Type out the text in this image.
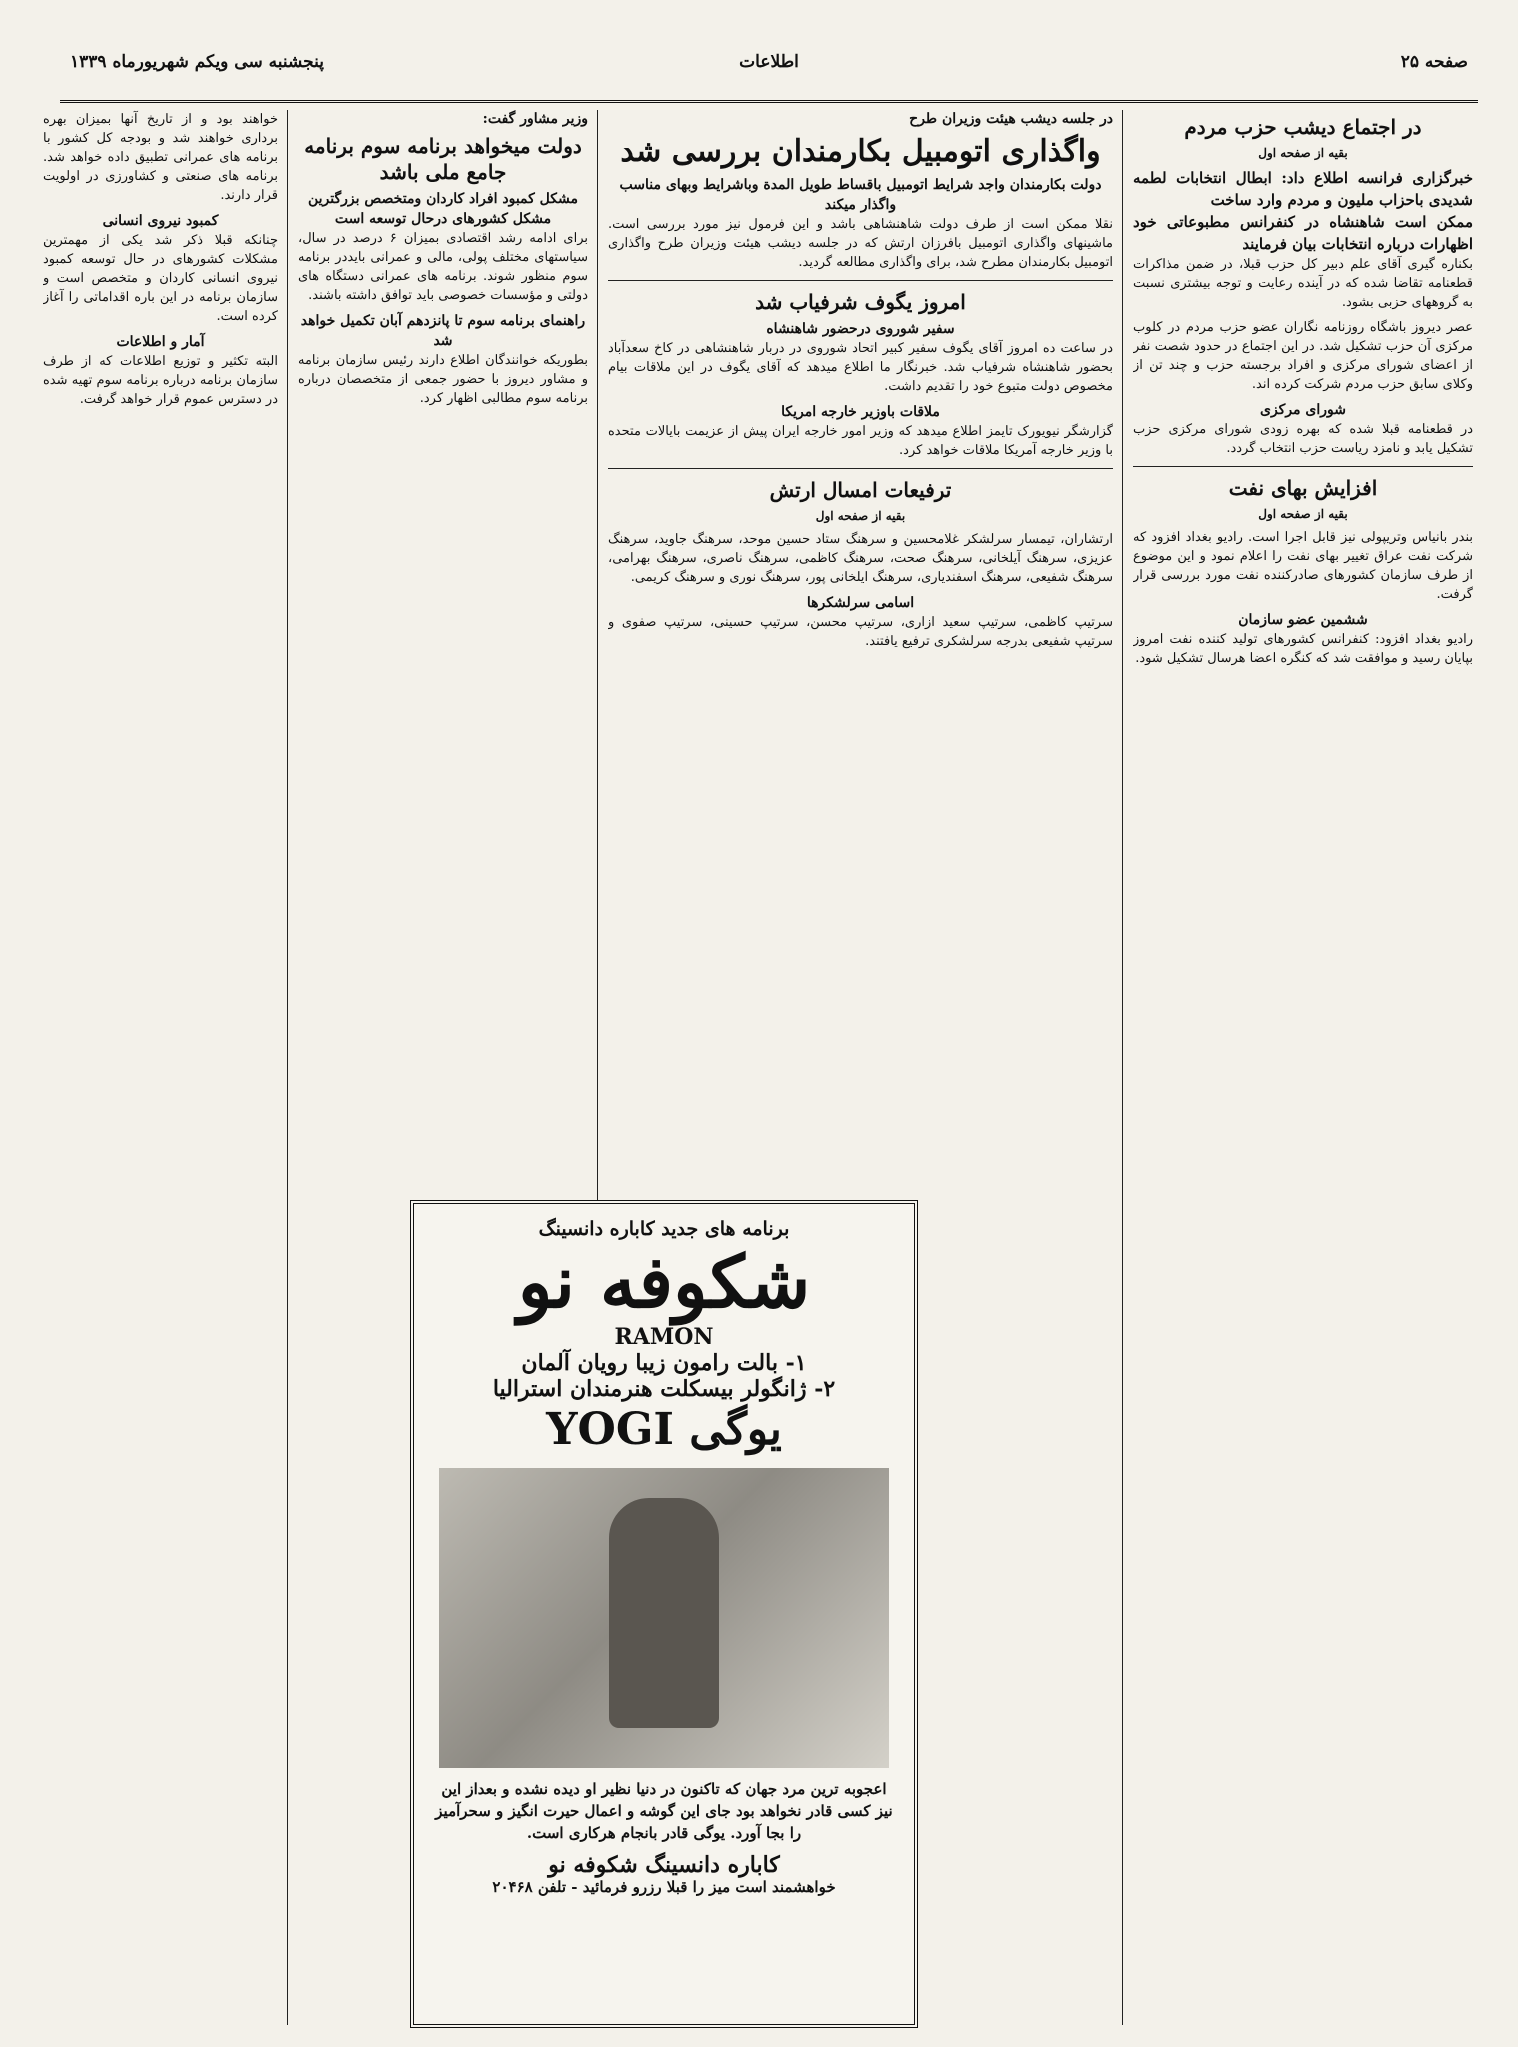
صفحه ۲۵
اطلاعات
پنجشنبه سی ویکم شهریورماه ۱۳۳۹
در اجتماع دیشب حزب مردم
بقیه از صفحه اول
خبرگزاری فرانسه اطلاع داد: ابطال انتخابات لطمه شدیدی باحزاب ملیون و مردم وارد ساخت
ممکن است شاهنشاه در کنفرانس مطبوعاتی خود اظهارات درباره انتخابات بیان فرمایند

بکناره گیری آقای علم دبیر کل حزب قبلا، در ضمن مذاکرات قطعنامه تقاضا شده که در آینده رعایت و توجه بیشتری نسبت به گروههای حزبی بشود.

عصر دیروز باشگاه روزنامه نگاران عضو حزب مردم در کلوب مرکزی آن حزب تشکیل شد. در این اجتماع در حدود شصت نفر از اعضای شورای مرکزی و افراد برجسته حزب و چند تن از وکلای سابق حزب مردم شرکت کرده اند.

شورای مرکزی

در قطعنامه قبلا شده که بهره زودی شورای مرکزی حزب تشکیل یابد و نامزد ریاست حزب انتخاب گردد.

افزایش بهای نفت
بقیه از صفحه اول

بندر بانیاس وتریپولی نیز قابل اجرا است. رادیو بغداد افزود که شرکت نفت عراق تغییر بهای نفت را اعلام نمود و این موضوع از طرف سازمان کشورهای صادرکننده نفت مورد بررسی قرار گرفت.

ششمین عضو سازمان

رادیو بغداد افزود: کنفرانس کشورهای تولید کننده نفت امروز بپایان رسید و موافقت شد که کنگره اعضا هرسال تشکیل شود.

در جلسه دیشب هیئت وزیران طرح
واگذاری اتومبیل بکارمندان بررسی شد
دولت بکارمندان واجد شرایط اتومبیل باقساط طویل المدة وباشرایط وبهای مناسب واگذار میکند

نقلا ممکن است از طرف دولت شاهنشاهی باشد و این فرمول نیز مورد بررسی است. ماشینهای واگذاری اتومبیل بافرزان ارتش که در جلسه دیشب هیئت وزیران طرح واگذاری اتومبیل بکارمندان مطرح شد، برای واگذاری مطالعه گردید.

امروز یگوف شرفیاب شد
سفیر شوروی درحضور شاهنشاه

در ساعت ده امروز آقای یگوف سفیر کبیر اتحاد شوروی در دربار شاهنشاهی در کاخ سعدآباد بحضور شاهنشاه شرفیاب شد. خبرنگار ما اطلاع میدهد که آقای یگوف در این ملاقات بیام مخصوص دولت متبوع خود را تقدیم داشت.

ملاقات باوزیر خارجه امریکا

گزارشگر نیویورک تایمز اطلاع میدهد که وزیر امور خارجه ایران پیش از عزیمت بایالات متحده با وزیر خارجه آمریکا ملاقات خواهد کرد.

ترفیعات امسال ارتش
بقیه از صفحه اول

ارتشاران، تیمسار سرلشکر غلامحسین و سرهنگ ستاد حسین موحد، سرهنگ جاوید، سرهنگ عزیزی، سرهنگ آیلخانی، سرهنگ صحت، سرهنگ کاظمی، سرهنگ ناصری، سرهنگ بهرامی، سرهنگ شفیعی، سرهنگ اسفندیاری، سرهنگ ایلخانی پور، سرهنگ نوری و سرهنگ کریمی.

اسامی سرلشکرها

سرتیپ کاظمی، سرتیپ سعید ازاری، سرتیپ محسن، سرتیپ حسینی، سرتیپ صفوی و سرتیپ شفیعی بدرجه سرلشکری ترفیع یافتند.

وزیر مشاور گفت:
دولت میخواهد برنامه سوم برنامه جامع ملی باشد
مشکل کمبود افراد کاردان ومتخصص بزرگترین مشکل کشورهای درحال توسعه است

برای ادامه رشد اقتصادی بمیزان ۶ درصد در سال، سیاستهای مختلف پولی، مالی و عمرانی بایددر برنامه سوم منظور شوند. برنامه های عمرانی دستگاه های دولتی و مؤسسات خصوصی باید توافق داشته باشند.

راهنمای برنامه سوم تا پانزدهم آبان تکمیل خواهد شد

بطوریکه خوانندگان اطلاع دارند رئیس سازمان برنامه و مشاور دیروز با حضور جمعی از متخصصان درباره برنامه سوم مطالبی اظهار کرد.

خواهند بود و از تاریخ آنها بمیزان بهره برداری خواهند شد و بودجه کل کشور با برنامه های عمرانی تطبیق داده خواهد شد. برنامه های صنعتی و کشاورزی در اولویت قرار دارند.

کمبود نیروی انسانی

چنانکه قبلا ذکر شد یکی از مهمترین مشکلات کشورهای در حال توسعه کمبود نیروی انسانی کاردان و متخصص است و سازمان برنامه در این باره اقداماتی را آغاز کرده است.

آمار و اطلاعات

البته تکثیر و توزیع اطلاعات که از طرف سازمان برنامه درباره برنامه سوم تهیه شده در دسترس عموم قرار خواهد گرفت.

برنامه های جدید کاباره دانسینگ
شکوفه نو
RAMON
۱- بالت رامون زیبا رویان آلمان
۲- ژانگولر بیسکلت هنرمندان استرالیا
یوگی YOGI
اعجوبه ترین مرد جهان که تاکنون در دنیا نظیر او دیده نشده و بعداز این نیز کسی قادر نخواهد بود جای این گوشه و اعمال حیرت انگیز و سحرآمیز را بجا آورد. یوگی قادر بانجام هرکاری است.
کاباره دانسینگ شکوفه نو
خواهشمند است میز را قبلا رزرو فرمائید - تلفن ۲۰۴۶۸
